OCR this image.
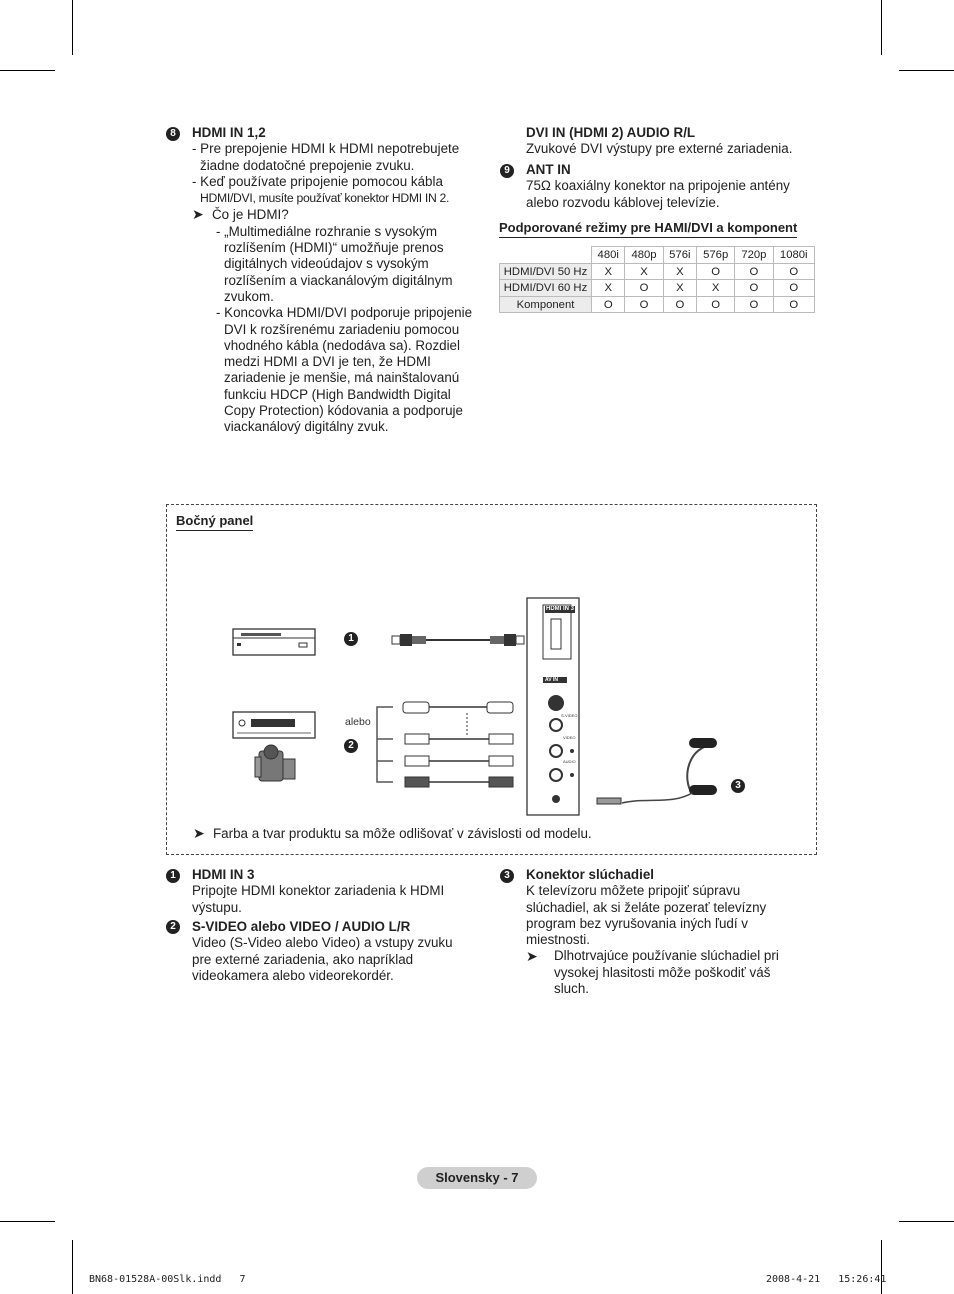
8	HDMI IN 1,2
- Pre prepojenie HDMI k HDMI nepotrebujete žiadne dodatočné prepojenie zvuku.
- Keď používate pripojenie pomocou kábla
HDMI/DVI, musíte používať konektor HDMI IN 2.
➤ Čo je HDMI?
- „Multimediálne rozhranie s vysokým rozlíšením (HDMI)“ umožňuje prenos digitálnych videoúdajov s vysokým rozlíšením a viackanálovým digitálnym zvukom.
- Koncovka HDMI/DVI podporuje pripojenie DVI k rozšírenému zariadeniu pomocou vhodného kábla (nedodáva sa). Rozdiel medzi HDMI a DVI je ten, že HDMI zariadenie je menšie, má nainštalovanú funkciu HDCP (High Bandwidth Digital Copy Protection) kódovania a podporuje viackanálový digitálny zvuk.
DVI IN (HDMI 2) AUDIO R/L
Zvukové DVI výstupy pre externé zariadenia.
9	ANT IN
75Ω koaxiálny konektor na pripojenie antény alebo rozvodu káblovej televízie.
Podporované režimy pre HAMI/DVI a komponent
	480i	480p	576i	576p	720p	1080i
HDMI/DVI 50 Hz	X	X	X	O	O	O
HDMI/DVI 60 Hz	X	O	X	X	O	O
Komponent	O	O	O	O	O	O
Bočný panel
alebo
HDMI IN 3
AV IN
S-VIDEO
VIDEO
AUDIO
1
2
3
➤ Farba a tvar produktu sa môže odlišovať v závislosti od modelu.
1	HDMI IN 3
Pripojte HDMI konektor zariadenia k HDMI výstupu.
2	S-VIDEO alebo VIDEO / AUDIO L/R
Video (S-Video alebo Video) a vstupy zvuku pre externé zariadenia, ako napríklad videokamera alebo videorekordér.
3	Konektor slúchadiel
K televízoru môžete pripojiť súpravu slúchadiel, ak si želáte pozerať televízny program bez vyrušovania iných ľudí v miestnosti.
➤	Dlhotrvajúce používanie slúchadiel pri vysokej hlasitosti môže poškodiť váš sluch.
Slovensky - 7
BN68-01528A-00Slk.indd   7	2008-4-21   15:26:41
